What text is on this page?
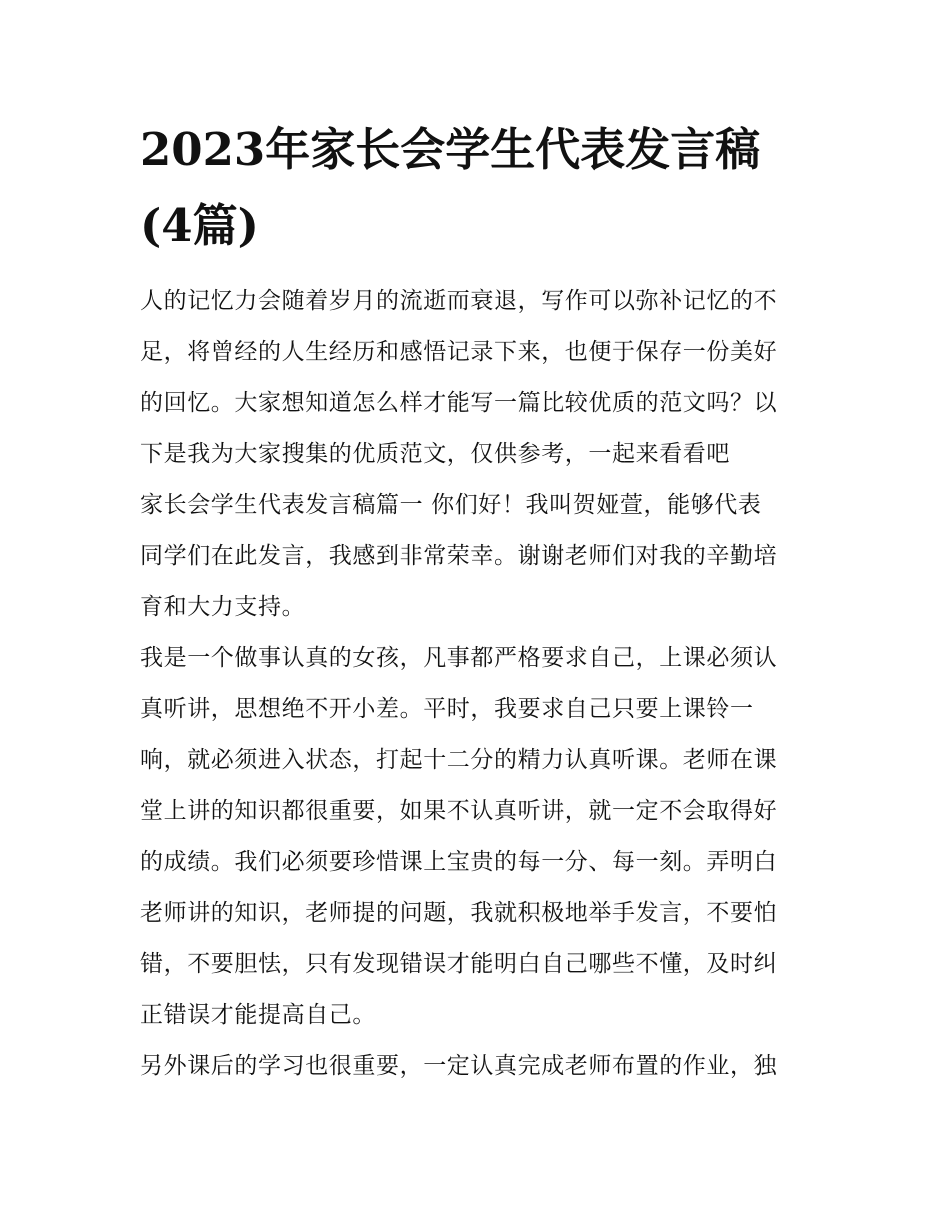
2023年家长会学生代表发言稿
(4篇)
人的记忆力会随着岁月的流逝而衰退，写作可以弥补记忆的不
足，将曾经的人生经历和感悟记录下来，也便于保存一份美好
的回忆。大家想知道怎么样才能写一篇比较优质的范文吗？以
下是我为大家搜集的优质范文，仅供参考，一起来看看吧
家长会学生代表发言稿篇一 你们好！我叫贺娅萱，能够代表
同学们在此发言，我感到非常荣幸。谢谢老师们对我的辛勤培
育和大力支持。
我是一个做事认真的女孩，凡事都严格要求自己，上课必须认
真听讲，思想绝不开小差。平时，我要求自己只要上课铃一
响，就必须进入状态，打起十二分的精力认真听课。老师在课
堂上讲的知识都很重要，如果不认真听讲，就一定不会取得好
的成绩。我们必须要珍惜课上宝贵的每一分、每一刻。弄明白
老师讲的知识，老师提的问题，我就积极地举手发言，不要怕
错，不要胆怯，只有发现错误才能明白自己哪些不懂，及时纠
正错误才能提高自己。
另外课后的学习也很重要，一定认真完成老师布置的作业，独
